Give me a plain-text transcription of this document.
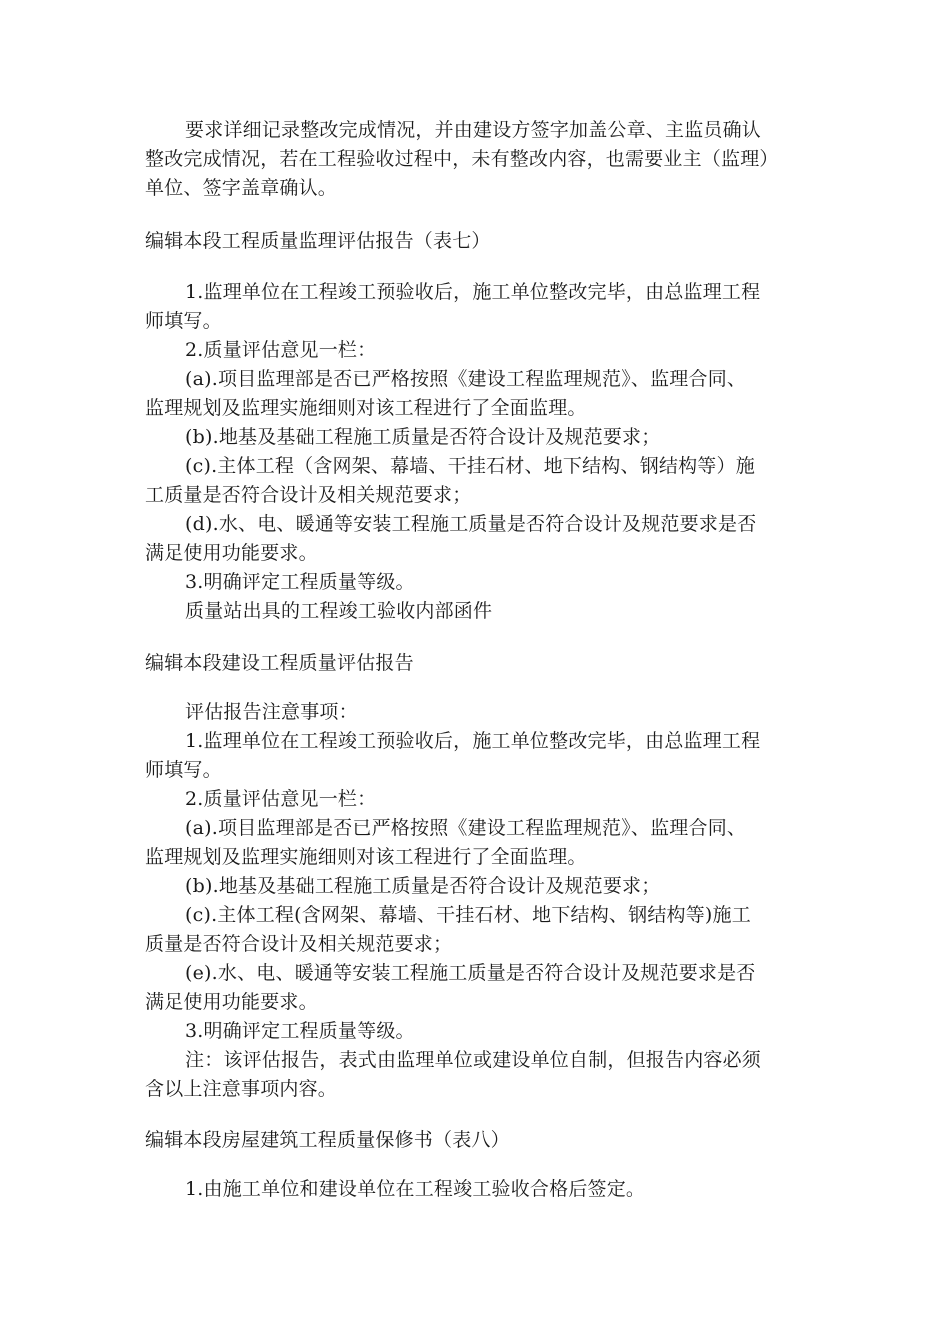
要求详细记录整改完成情况，并由建设方签字加盖公章、主监员确认
整改完成情况，若在工程验收过程中，未有整改内容，也需要业主（监理）
单位、签字盖章确认。
编辑本段工程质量监理评估报告（表七）
1.监理单位在工程竣工预验收后，施工单位整改完毕，由总监理工程
师填写。
2.质量评估意见一栏：
(a).项目监理部是否已严格按照《建设工程监理规范》、监理合同、
监理规划及监理实施细则对该工程进行了全面监理。
(b).地基及基础工程施工质量是否符合设计及规范要求；
(c).主体工程（含网架、幕墙、干挂石材、地下结构、钢结构等）施
工质量是否符合设计及相关规范要求；
(d).水、电、暖通等安装工程施工质量是否符合设计及规范要求是否
满足使用功能要求。
3.明确评定工程质量等级。
质量站出具的工程竣工验收内部函件
编辑本段建设工程质量评估报告
评估报告注意事项：
1.监理单位在工程竣工预验收后，施工单位整改完毕，由总监理工程
师填写。
2.质量评估意见一栏：
(a).项目监理部是否已严格按照《建设工程监理规范》、监理合同、
监理规划及监理实施细则对该工程进行了全面监理。
(b).地基及基础工程施工质量是否符合设计及规范要求；
(c).主体工程(含网架、幕墙、干挂石材、地下结构、钢结构等)施工
质量是否符合设计及相关规范要求；
(e).水、电、暖通等安装工程施工质量是否符合设计及规范要求是否
满足使用功能要求。
3.明确评定工程质量等级。
注：该评估报告，表式由监理单位或建设单位自制，但报告内容必须
含以上注意事项内容。
编辑本段房屋建筑工程质量保修书（表八）
1.由施工单位和建设单位在工程竣工验收合格后签定。
